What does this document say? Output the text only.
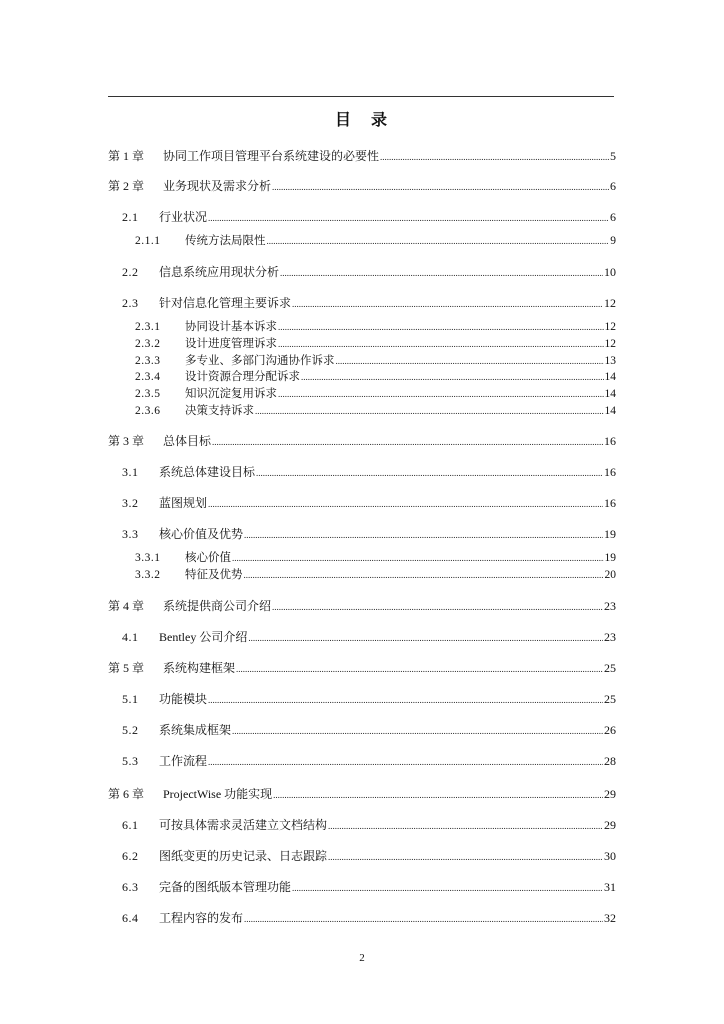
目　录
第 1 章	协同工作项目管理平台系统建设的必要性 .....	5
第 2 章	业务现状及需求分析 .....	6
2.1	行业状况 .....	6
2.1.1	传统方法局限性 .....	9
2.2	信息系统应用现状分析 .....	10
2.3	针对信息化管理主要诉求 .....	12
2.3.1	协同设计基本诉求 .....	12
2.3.2	设计进度管理诉求 .....	12
2.3.3	多专业、多部门沟通协作诉求 .....	13
2.3.4	设计资源合理分配诉求 .....	14
2.3.5	知识沉淀复用诉求 .....	14
2.3.6	决策支持诉求 .....	14
第 3 章	总体目标 .....	16
3.1	系统总体建设目标 .....	16
3.2	蓝图规划 .....	16
3.3	核心价值及优势 .....	19
3.3.1	核心价值 .....	19
3.3.2	特征及优势 .....	20
第 4 章	系统提供商公司介绍 .....	23
4.1	Bentley 公司介绍 .....	23
第 5 章	系统构建框架 .....	25
5.1	功能模块 .....	25
5.2	系统集成框架 .....	26
5.3	工作流程 .....	28
第 6 章	ProjectWise 功能实现 .....	29
6.1	可按具体需求灵活建立文档结构 .....	29
6.2	图纸变更的历史记录、日志跟踪 .....	30
6.3	完备的图纸版本管理功能 .....	31
6.4	工程内容的发布 .....	32
2
